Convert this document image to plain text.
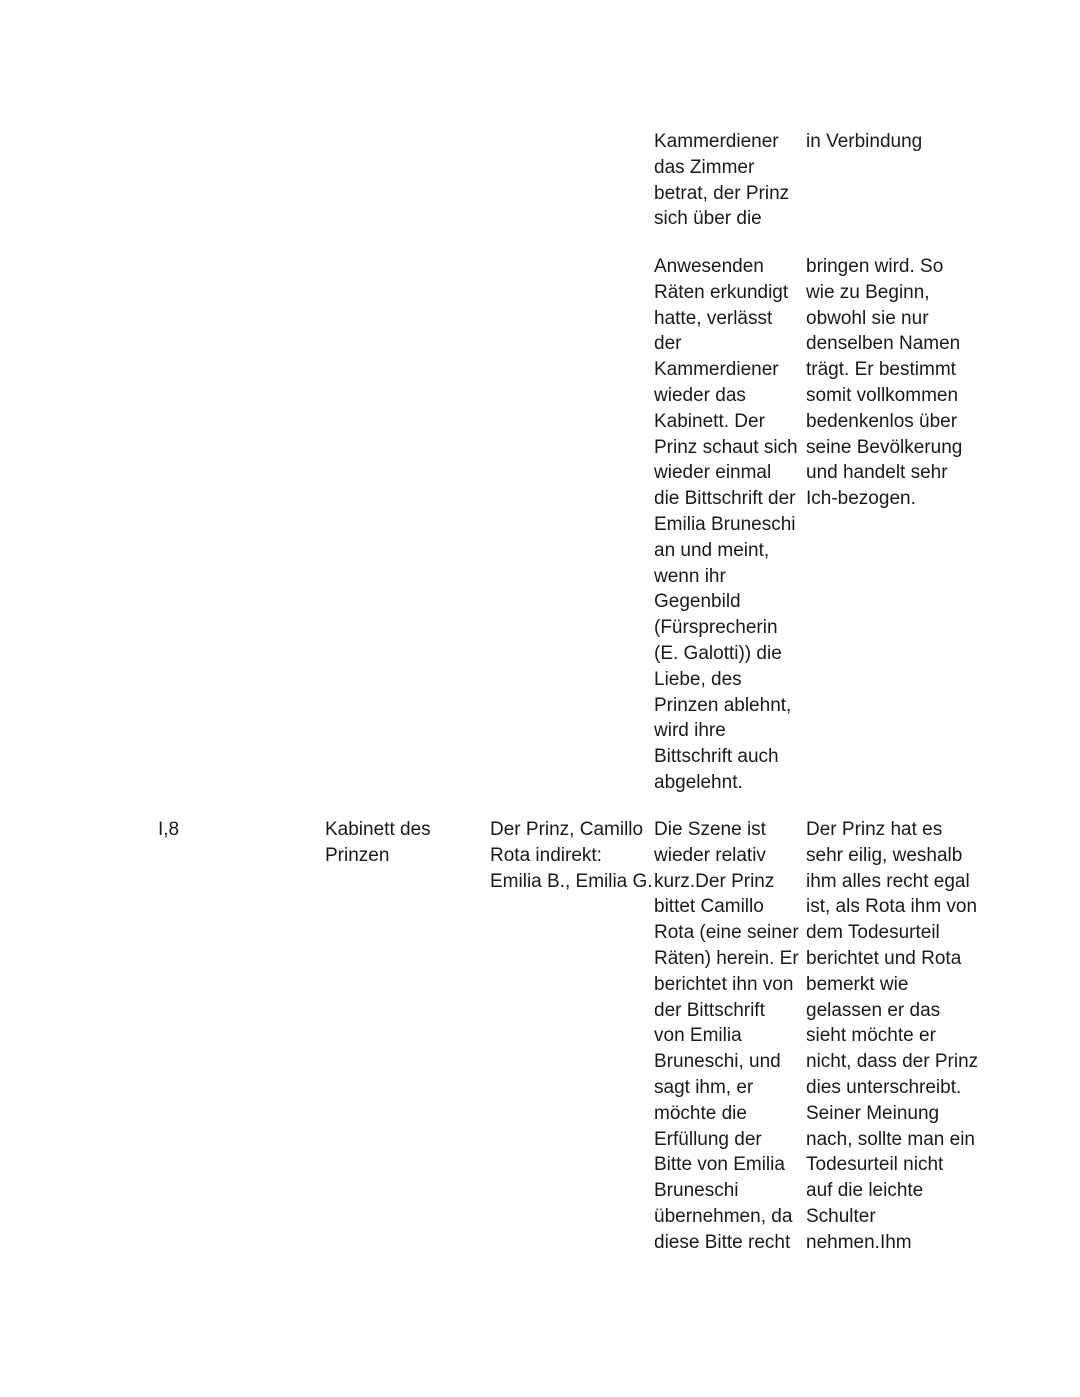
Kammerdiener
das Zimmer
betrat, der Prinz
sich über die
in Verbindung
Anwesenden
Räten erkundigt
hatte, verlässt
der
Kammerdiener
wieder das
Kabinett. Der
Prinz schaut sich
wieder einmal
die Bittschrift der
Emilia Bruneschi
an und meint,
wenn ihr
Gegenbild
(Fürsprecherin
(E. Galotti)) die
Liebe, des
Prinzen ablehnt,
wird ihre
Bittschrift auch
abgelehnt.
bringen wird. So
wie zu Beginn,
obwohl sie nur
denselben Namen
trägt. Er bestimmt
somit vollkommen
bedenkenlos über
seine Bevölkerung
und handelt sehr
Ich-bezogen.
I,8	Kabinett des
Prinzen
Der Prinz, Camillo
Rota indirekt:
Emilia B., Emilia G.
Die Szene ist
wieder relativ
kurz.Der Prinz
bittet Camillo
Rota (eine seiner
Räten) herein. Er
berichtet ihn von
der Bittschrift
von Emilia
Bruneschi, und
sagt ihm, er
möchte die
Erfüllung der
Bitte von Emilia
Bruneschi
übernehmen, da
diese Bitte recht
Der Prinz hat es
sehr eilig, weshalb
ihm alles recht egal
ist, als Rota ihm von
dem Todesurteil
berichtet und Rota
bemerkt wie
gelassen er das
sieht möchte er
nicht, dass der Prinz
dies unterschreibt.
Seiner Meinung
nach, sollte man ein
Todesurteil nicht
auf die leichte
Schulter
nehmen.Ihm
